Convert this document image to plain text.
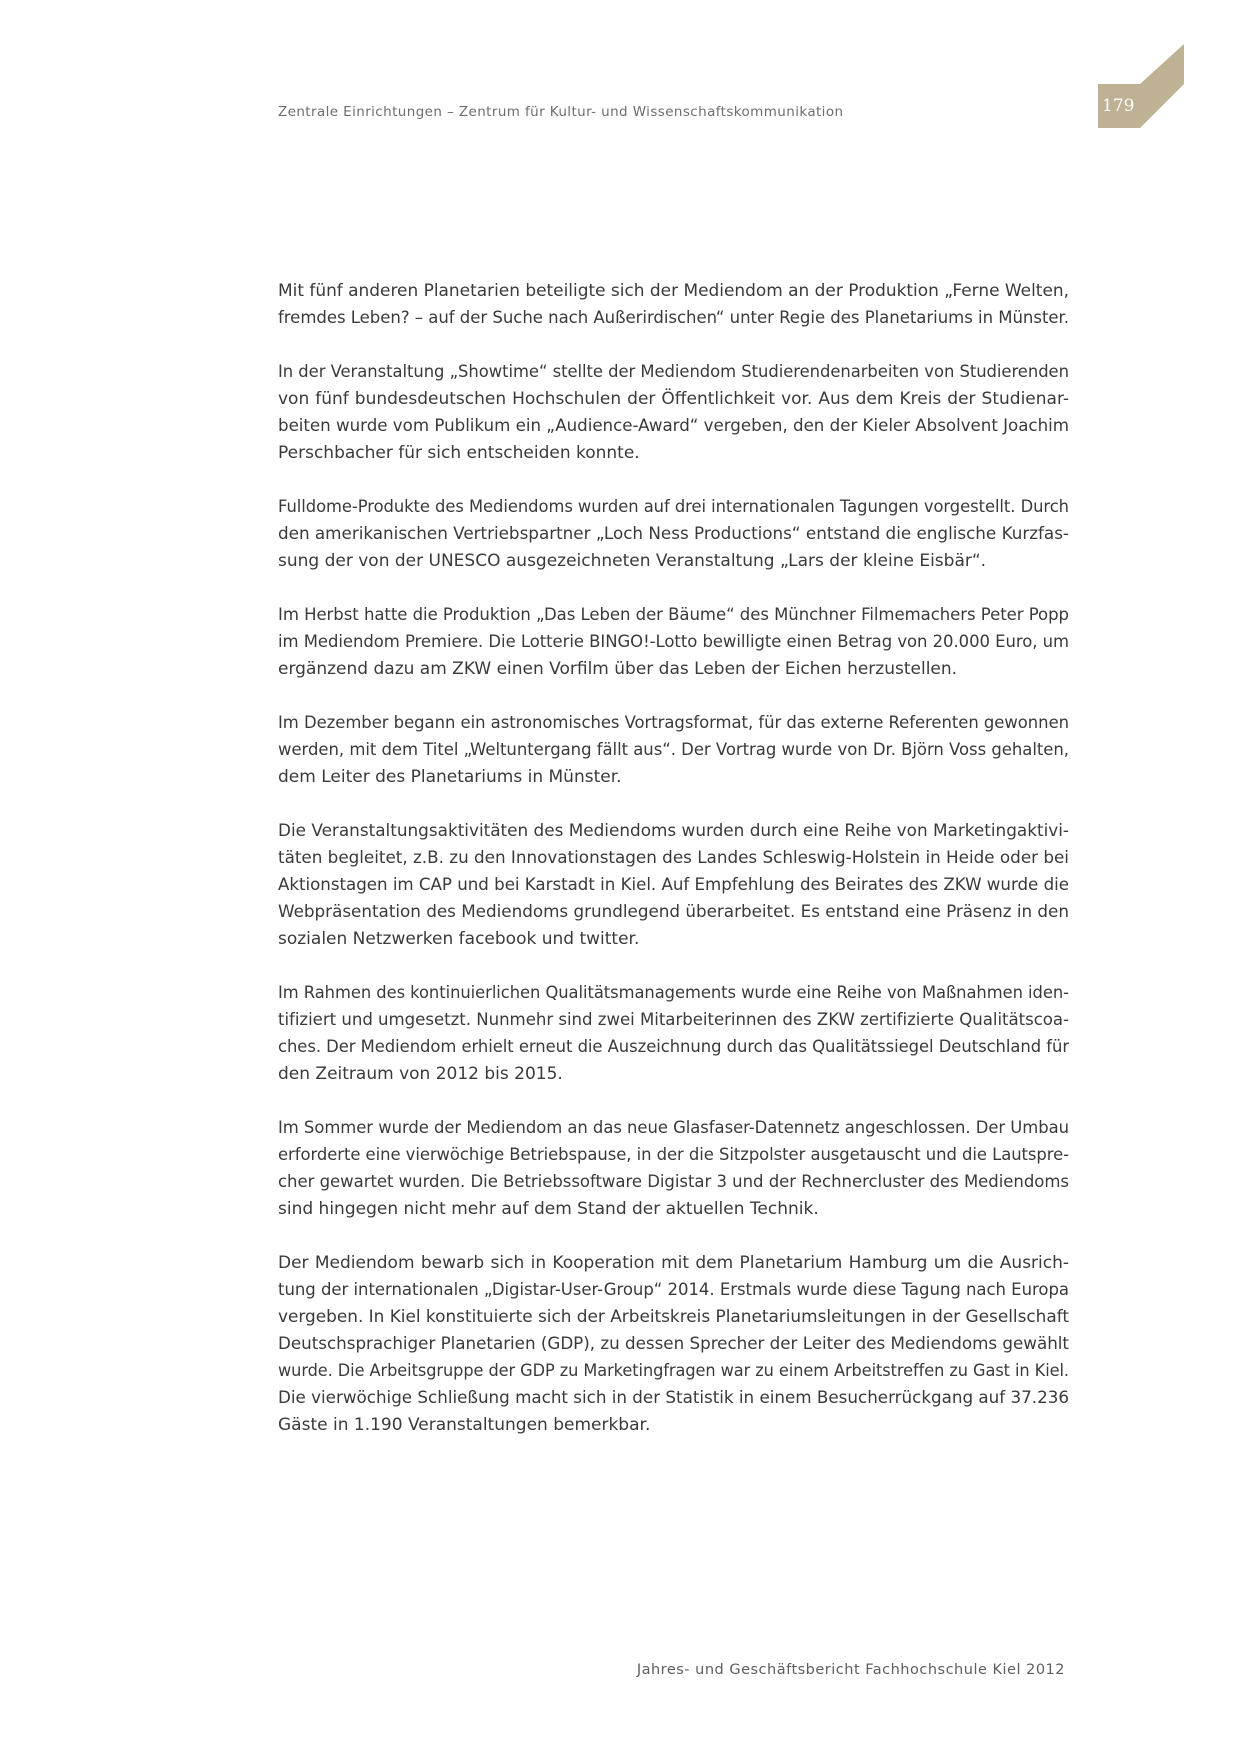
Zentrale Einrichtungen – Zentrum für Kultur- und Wissenschaftskommunikation	179

Mit fünf anderen Planetarien beteiligte sich der Mediendom an der Produktion „Ferne Welten,
fremdes Leben? – auf der Suche nach Außerirdischen“ unter Regie des Planetariums in Münster.

In der Veranstaltung „Showtime“ stellte der Mediendom Studierendenarbeiten von Studierenden
von fünf bundesdeutschen Hochschulen der Öffentlichkeit vor. Aus dem Kreis der Studienar-
beiten wurde vom Publikum ein „Audience-Award“ vergeben, den der Kieler Absolvent Joachim
Perschbacher für sich entscheiden konnte.

Fulldome-Produkte des Mediendoms wurden auf drei internationalen Tagungen vorgestellt. Durch
den amerikanischen Vertriebspartner „Loch Ness Productions“ entstand die englische Kurzfas-
sung der von der UNESCO ausgezeichneten Veranstaltung „Lars der kleine Eisbär“.

Im Herbst hatte die Produktion „Das Leben der Bäume“ des Münchner Filmemachers Peter Popp
im Mediendom Premiere. Die Lotterie BINGO!-Lotto bewilligte einen Betrag von 20.000 Euro, um
ergänzend dazu am ZKW einen Vorfilm über das Leben der Eichen herzustellen.

Im Dezember begann ein astronomisches Vortragsformat, für das externe Referenten gewonnen
werden, mit dem Titel „Weltuntergang fällt aus“. Der Vortrag wurde von Dr. Björn Voss gehalten,
dem Leiter des Planetariums in Münster.

Die Veranstaltungsaktivitäten des Mediendoms wurden durch eine Reihe von Marketingaktivi-
täten begleitet, z.B. zu den Innovationstagen des Landes Schleswig-Holstein in Heide oder bei
Aktionstagen im CAP und bei Karstadt in Kiel. Auf Empfehlung des Beirates des ZKW wurde die
Webpräsentation des Mediendoms grundlegend überarbeitet. Es entstand eine Präsenz in den
sozialen Netzwerken facebook und twitter.

Im Rahmen des kontinuierlichen Qualitätsmanagements wurde eine Reihe von Maßnahmen iden-
tifiziert und umgesetzt. Nunmehr sind zwei Mitarbeiterinnen des ZKW zertifizierte Qualitätscoa-
ches. Der Mediendom erhielt erneut die Auszeichnung durch das Qualitätssiegel Deutschland für
den Zeitraum von 2012 bis 2015.

Im Sommer wurde der Mediendom an das neue Glasfaser-Datennetz angeschlossen. Der Umbau
erforderte eine vierwöchige Betriebspause, in der die Sitzpolster ausgetauscht und die Lautspre-
cher gewartet wurden. Die Betriebssoftware Digistar 3 und der Rechnercluster des Mediendoms
sind hingegen nicht mehr auf dem Stand der aktuellen Technik.

Der Mediendom bewarb sich in Kooperation mit dem Planetarium Hamburg um die Ausrich-
tung der internationalen „Digistar-User-Group“ 2014. Erstmals wurde diese Tagung nach Europa
vergeben. In Kiel konstituierte sich der Arbeitskreis Planetariumsleitungen in der Gesellschaft
Deutschsprachiger Planetarien (GDP), zu dessen Sprecher der Leiter des Mediendoms gewählt
wurde. Die Arbeitsgruppe der GDP zu Marketingfragen war zu einem Arbeitstreffen zu Gast in Kiel.
Die vierwöchige Schließung macht sich in der Statistik in einem Besucherrückgang auf 37.236
Gäste in 1.190 Veranstaltungen bemerkbar.

Jahres- und Geschäftsbericht Fachhochschule Kiel 2012
